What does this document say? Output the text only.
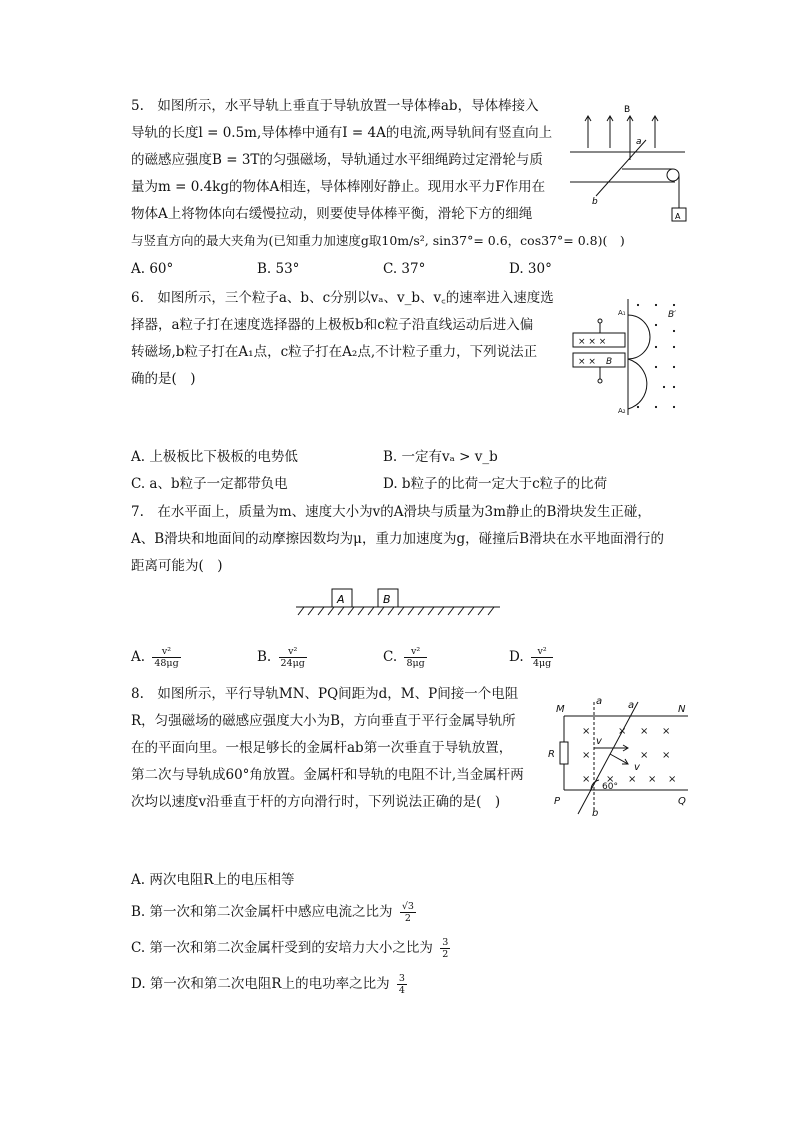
5.　如图所示，水平导轨上垂直于导轨放置一导体棒ab，导体棒接入
导轨的长度l = 0.5m,导体棒中通有I = 4A的电流,两导轨间有竖直向上
的磁感应强度B = 3T的匀强磁场，导轨通过水平细绳跨过定滑轮与质
量为m = 0.4kg的物体A相连，导体棒刚好静止。现用水平力F作用在
物体A上将物体向右缓慢拉动，则要使导体棒平衡，滑轮下方的细绳
与竖直方向的最大夹角为(已知重力加速度g取10m/s², sin37°= 0.6，cos37°= 0.8)(　)
A. 60°	B. 53°	C. 37°	D. 30°
B
a
b
A
6.　如图所示，三个粒子a、b、c分别以vₐ、v_b、v꜀的速率进入速度选
择器，a粒子打在速度选择器的上极板b和c粒子沿直线运动后进入偏
转磁场,b粒子打在A₁点，c粒子打在A₂点,不计粒子重力，下列说法正
确的是(　)
A. 上极板比下极板的电势低	B. 一定有vₐ > v_b
C. a、b粒子一定都带负电	D. b粒子的比荷一定大于c粒子的比荷
× × ×
× × B
A₁
A₂
B′
7.　在水平面上，质量为m、速度大小为v的A滑块与质量为3m静止的B滑块发生正碰，
A、B滑块和地面间的动摩擦因数均为μ，重力加速度为g，碰撞后B滑块在水平地面滑行的
距离可能为(　)
A	B
A. $\frac{\text{v²}}{48\mu g}$	B. $\frac{\text{v²}}{24\mu g}$	C. $\frac{\text{v²}}{8\mu g}$	D. $\frac{\text{v²}}{4\mu g}$
8.　如图所示，平行导轨MN、PQ间距为d，M、P间接一个电阻
R，匀强磁场的磁感应强度大小为B，方向垂直于平行金属导轨所
在的平面向里。一根足够长的金属杆ab第一次垂直于导轨放置，
第二次与导轨成60°角放置。金属杆和导轨的电阻不计,当金属杆两
次均以速度v沿垂直于杆的方向滑行时，下列说法正确的是(　)
×	× × ×
×	× ×
× × × × ×
M	N
P	Q
R
a	a
b
v
v
60°
A. 两次电阻R上的电压相等
B. 第一次和第二次金属杆中感应电流之比为 $\frac{√3}{2}$
C. 第一次和第二次金属杆受到的安培力大小之比为 $\frac{3}{2}$
D. 第一次和第二次电阻R上的电功率之比为 $\frac{3}{4}$
